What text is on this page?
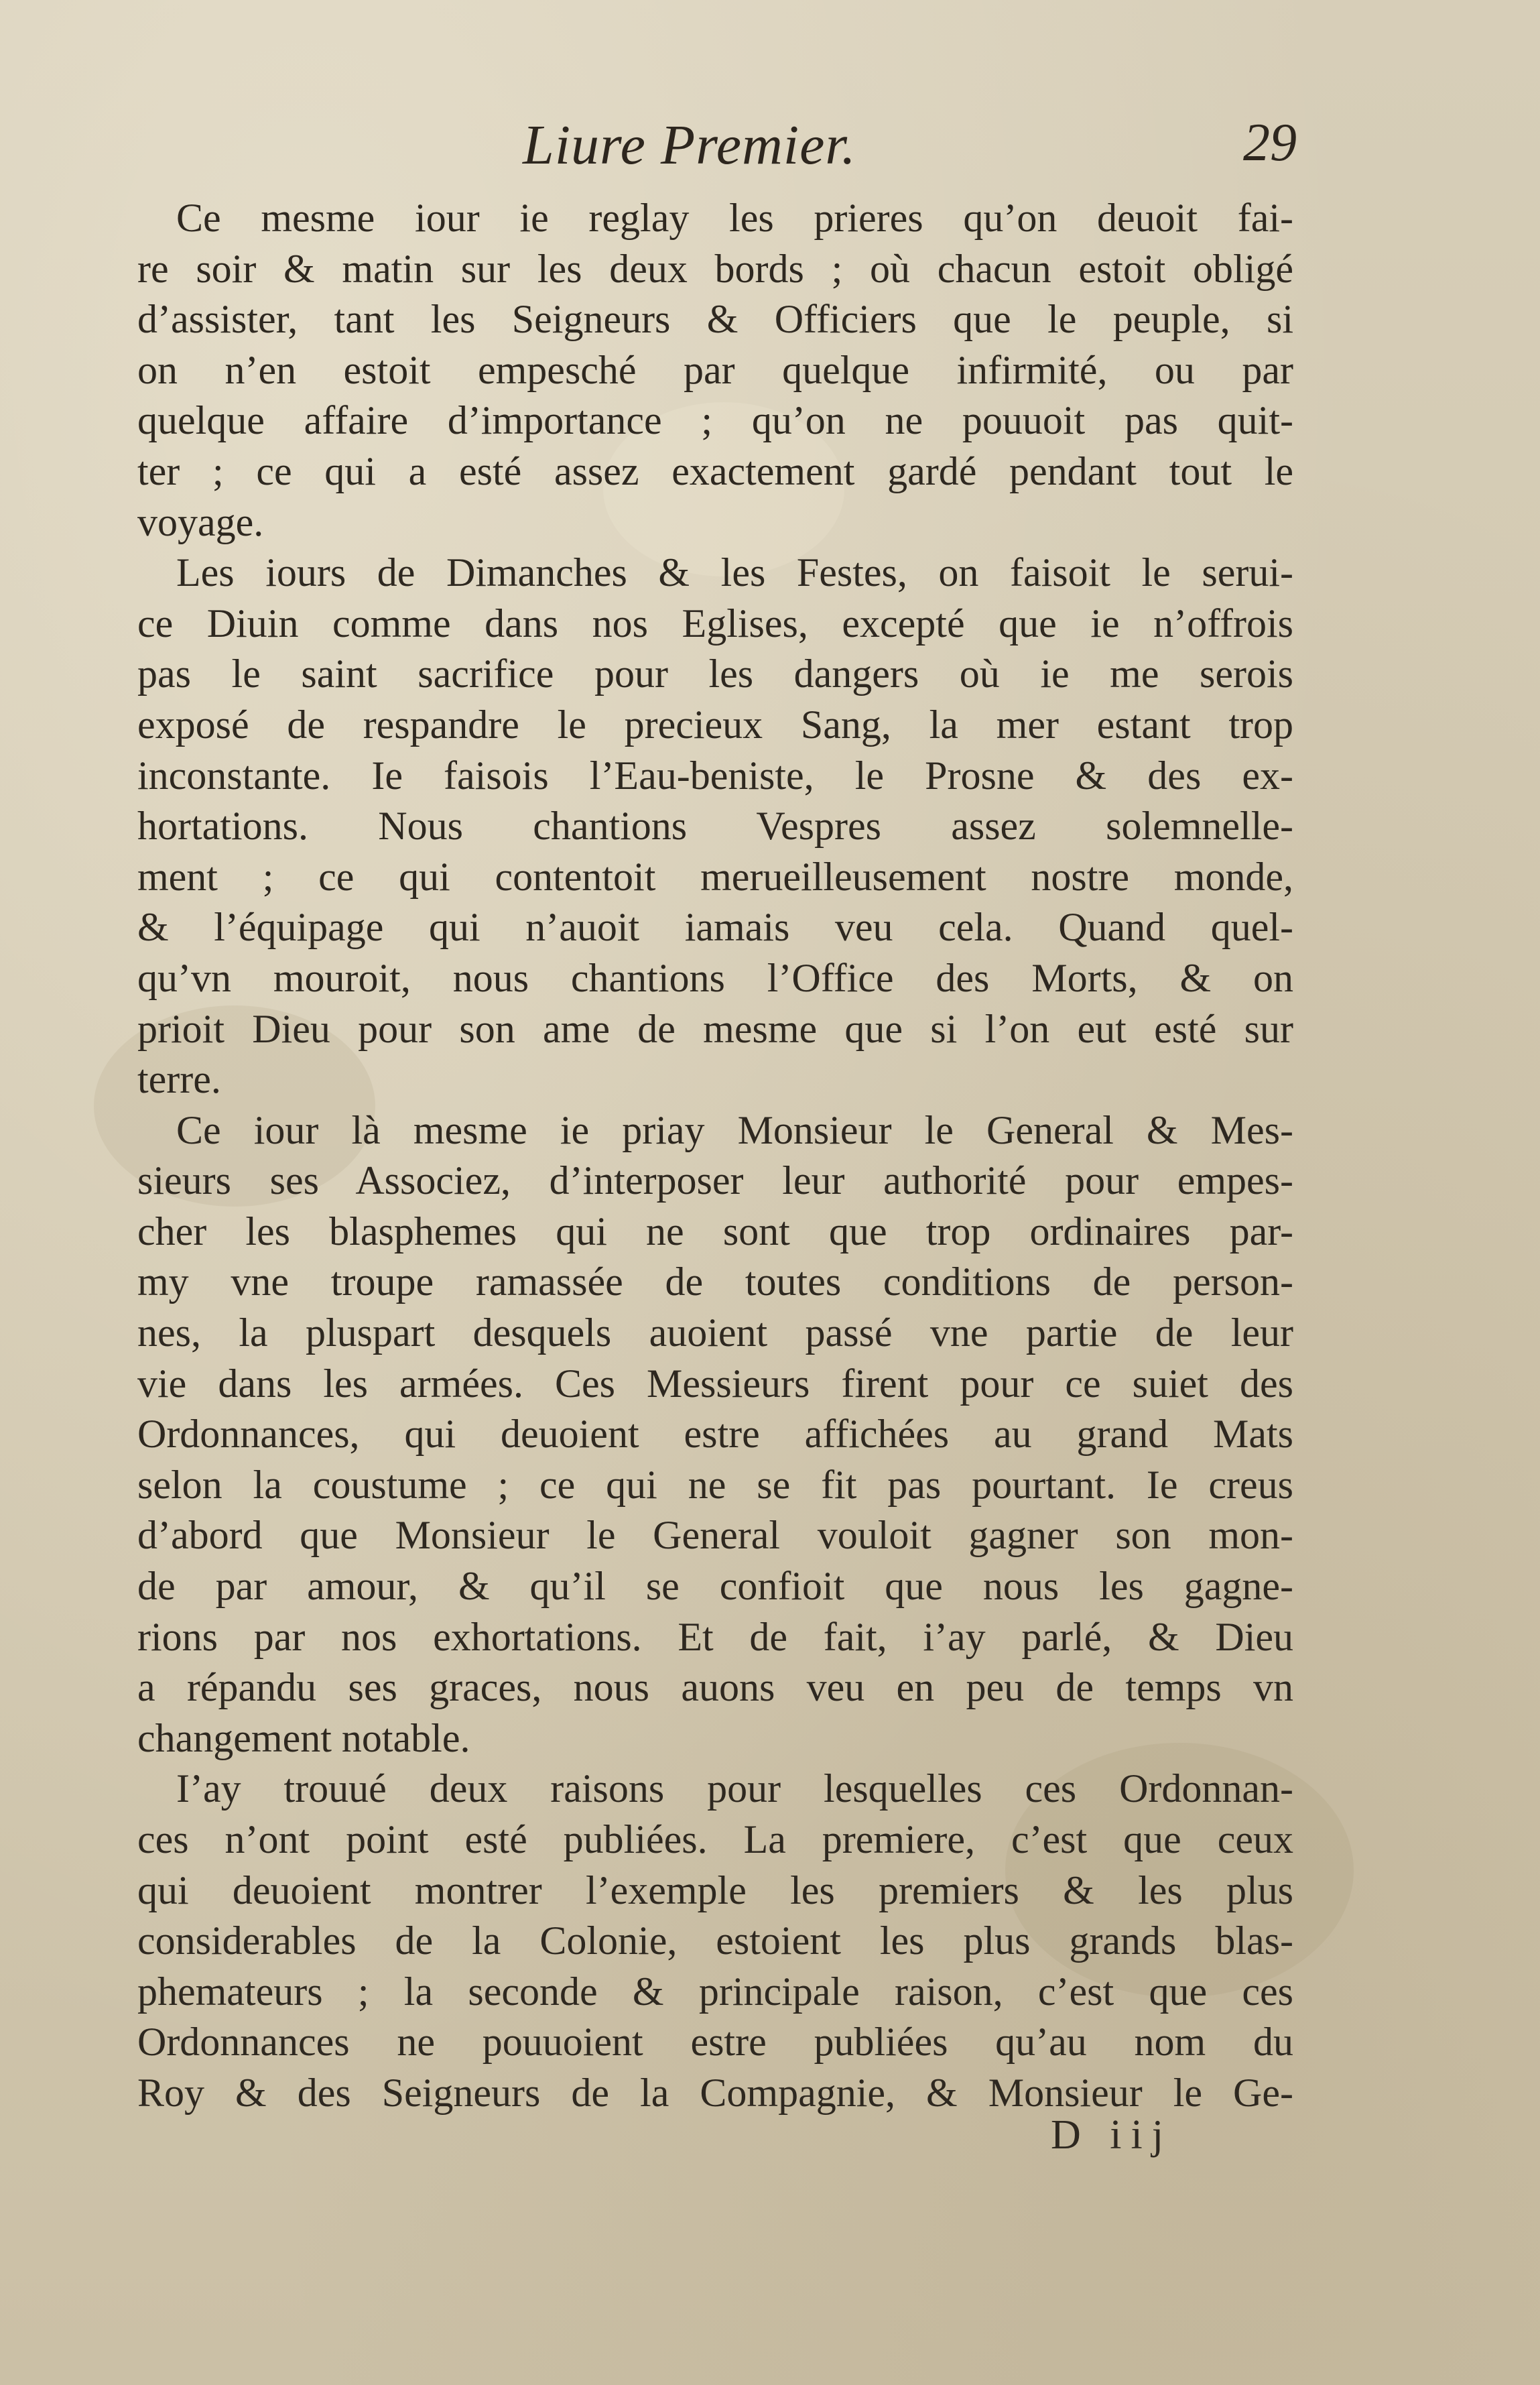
Liure Premier.	29
Ce mesme iour ie reglay les prieres qu’on deuoit fai-
re soir & matin sur les deux bords ; où chacun estoit obligé
d’assister, tant les Seigneurs & Officiers que le peuple, si
on n’en estoit empesché par quelque infirmité, ou par
quelque affaire d’importance ; qu’on ne pouuoit pas quit-
ter ; ce qui a esté assez exactement gardé pendant tout le
voyage.
Les iours de Dimanches & les Festes, on faisoit le serui-
ce Diuin comme dans nos Eglises, excepté que ie n’offrois
pas le saint sacrifice pour les dangers où ie me serois
exposé de respandre le precieux Sang, la mer estant trop
inconstante. Ie faisois l’Eau-beniste, le Prosne & des ex-
hortations. Nous chantions Vespres assez solemnelle-
ment ; ce qui contentoit merueilleusement nostre monde,
& l’équipage qui n’auoit iamais veu cela. Quand quel-
qu’vn mouroit, nous chantions l’Office des Morts, & on
prioit Dieu pour son ame de mesme que si l’on eut esté sur
terre.
Ce iour là mesme ie priay Monsieur le General & Mes-
sieurs ses Associez, d’interposer leur authorité pour empes-
cher les blasphemes qui ne sont que trop ordinaires par-
my vne troupe ramassée de toutes conditions de person-
nes, la pluspart desquels auoient passé vne partie de leur
vie dans les armées. Ces Messieurs firent pour ce suiet des
Ordonnances, qui deuoient estre affichées au grand Mats
selon la coustume ; ce qui ne se fit pas pourtant. Ie creus
d’abord que Monsieur le General vouloit gagner son mon-
de par amour, & qu’il se confioit que nous les gagne-
rions par nos exhortations. Et de fait, i’ay parlé, & Dieu
a répandu ses graces, nous auons veu en peu de temps vn
changement notable.
I’ay trouué deux raisons pour lesquelles ces Ordonnan-
ces n’ont point esté publiées. La premiere, c’est que ceux
qui deuoient montrer l’exemple les premiers & les plus
considerables de la Colonie, estoient les plus grands blas-
phemateurs ; la seconde & principale raison, c’est que ces
Ordonnances ne pouuoient estre publiées qu’au nom du
Roy & des Seigneurs de la Compagnie, & Monsieur le Ge-
D iij
